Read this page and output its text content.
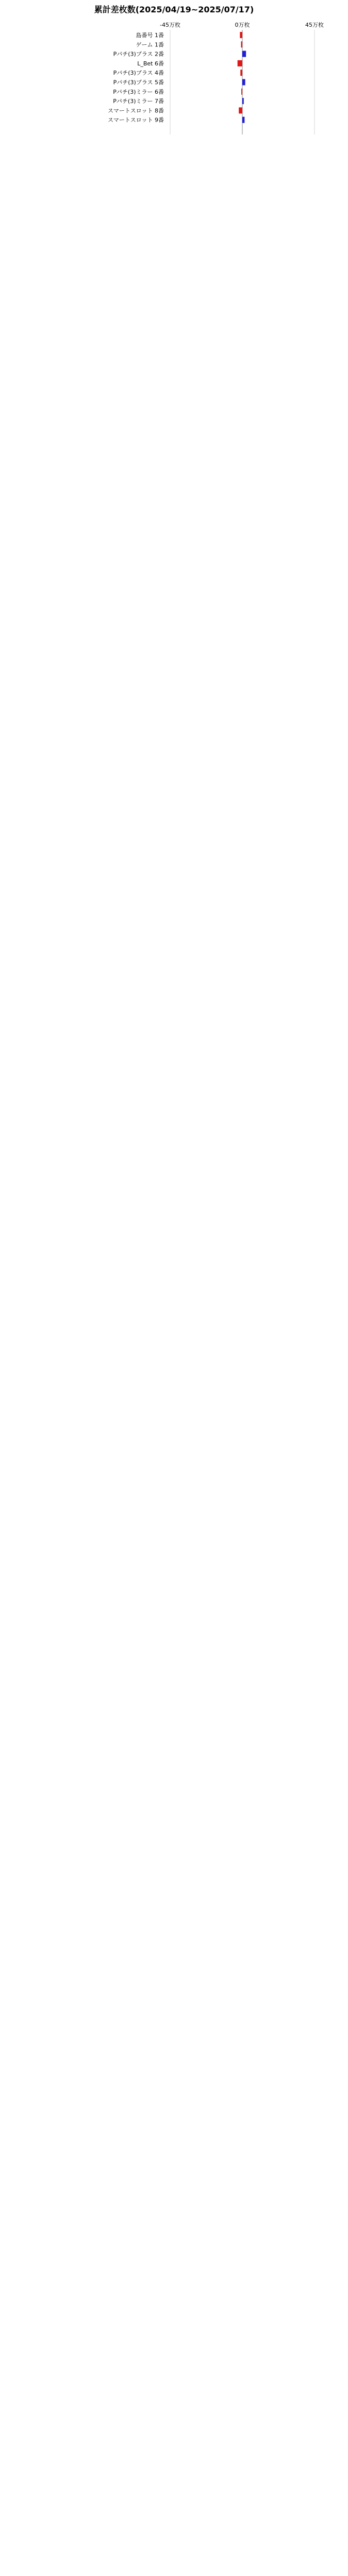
累計差枚数(2025/04/19~2025/07/17)
-45万枚	0万枚	45万枚
島番号 1番
ゲーム 1番
Pパチ(3)プラス 2番
L_Bet 6番
Pパチ(3)プラス 4番
Pパチ(3)プラス 5番
Pパチ(3)ミラー 6番
Pパチ(3)ミラー 7番
スマートスロット 8番
スマートスロット 9番
